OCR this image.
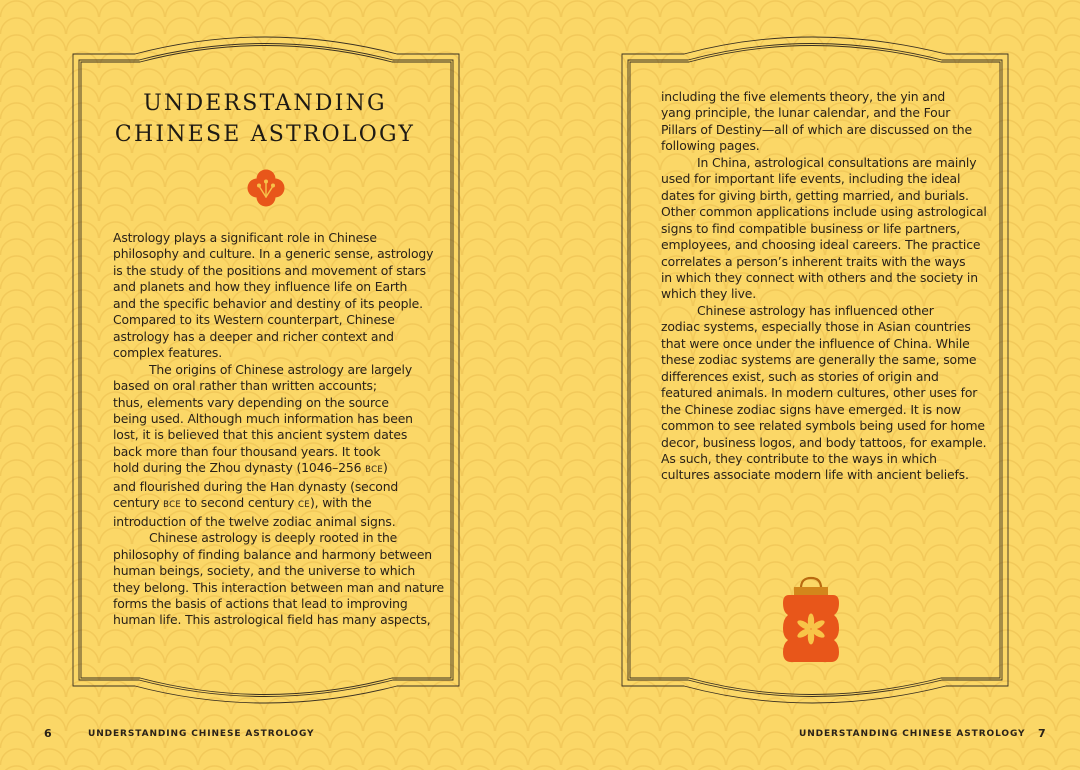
UNDERSTANDING
CHINESE ASTROLOGY

Astrology plays a significant role in Chinese
philosophy and culture. In a generic sense, astrology
is the study of the positions and movement of stars
and planets and how they influence life on Earth
and the specific behavior and destiny of its people.
Compared to its Western counterpart, Chinese
astrology has a deeper and richer context and
complex features.

The origins of Chinese astrology are largely
based on oral rather than written accounts;
thus, elements vary depending on the source
being used. Although much information has been
lost, it is believed that this ancient system dates
back more than four thousand years. It took
hold during the Zhou dynasty (1046–256 BCE)
and flourished during the Han dynasty (second
century BCE to second century CE), with the
introduction of the twelve zodiac animal signs.

Chinese astrology is deeply rooted in the
philosophy of finding balance and harmony between
human beings, society, and the universe to which
they belong. This interaction between man and nature
forms the basis of actions that lead to improving
human life. This astrological field has many aspects,

6	UNDERSTANDING CHINESE ASTROLOGY

including the five elements theory, the yin and
yang principle, the lunar calendar, and the Four
Pillars of Destiny—all of which are discussed on the
following pages.

In China, astrological consultations are mainly
used for important life events, including the ideal
dates for giving birth, getting married, and burials.
Other common applications include using astrological
signs to find compatible business or life partners,
employees, and choosing ideal careers. The practice
correlates a person’s inherent traits with the ways
in which they connect with others and the society in
which they live.

Chinese astrology has influenced other
zodiac systems, especially those in Asian countries
that were once under the influence of China. While
these zodiac systems are generally the same, some
differences exist, such as stories of origin and
featured animals. In modern cultures, other uses for
the Chinese zodiac signs have emerged. It is now
common to see related symbols being used for home
decor, business logos, and body tattoos, for example.
As such, they contribute to the ways in which
cultures associate modern life with ancient beliefs.

UNDERSTANDING CHINESE ASTROLOGY 7
